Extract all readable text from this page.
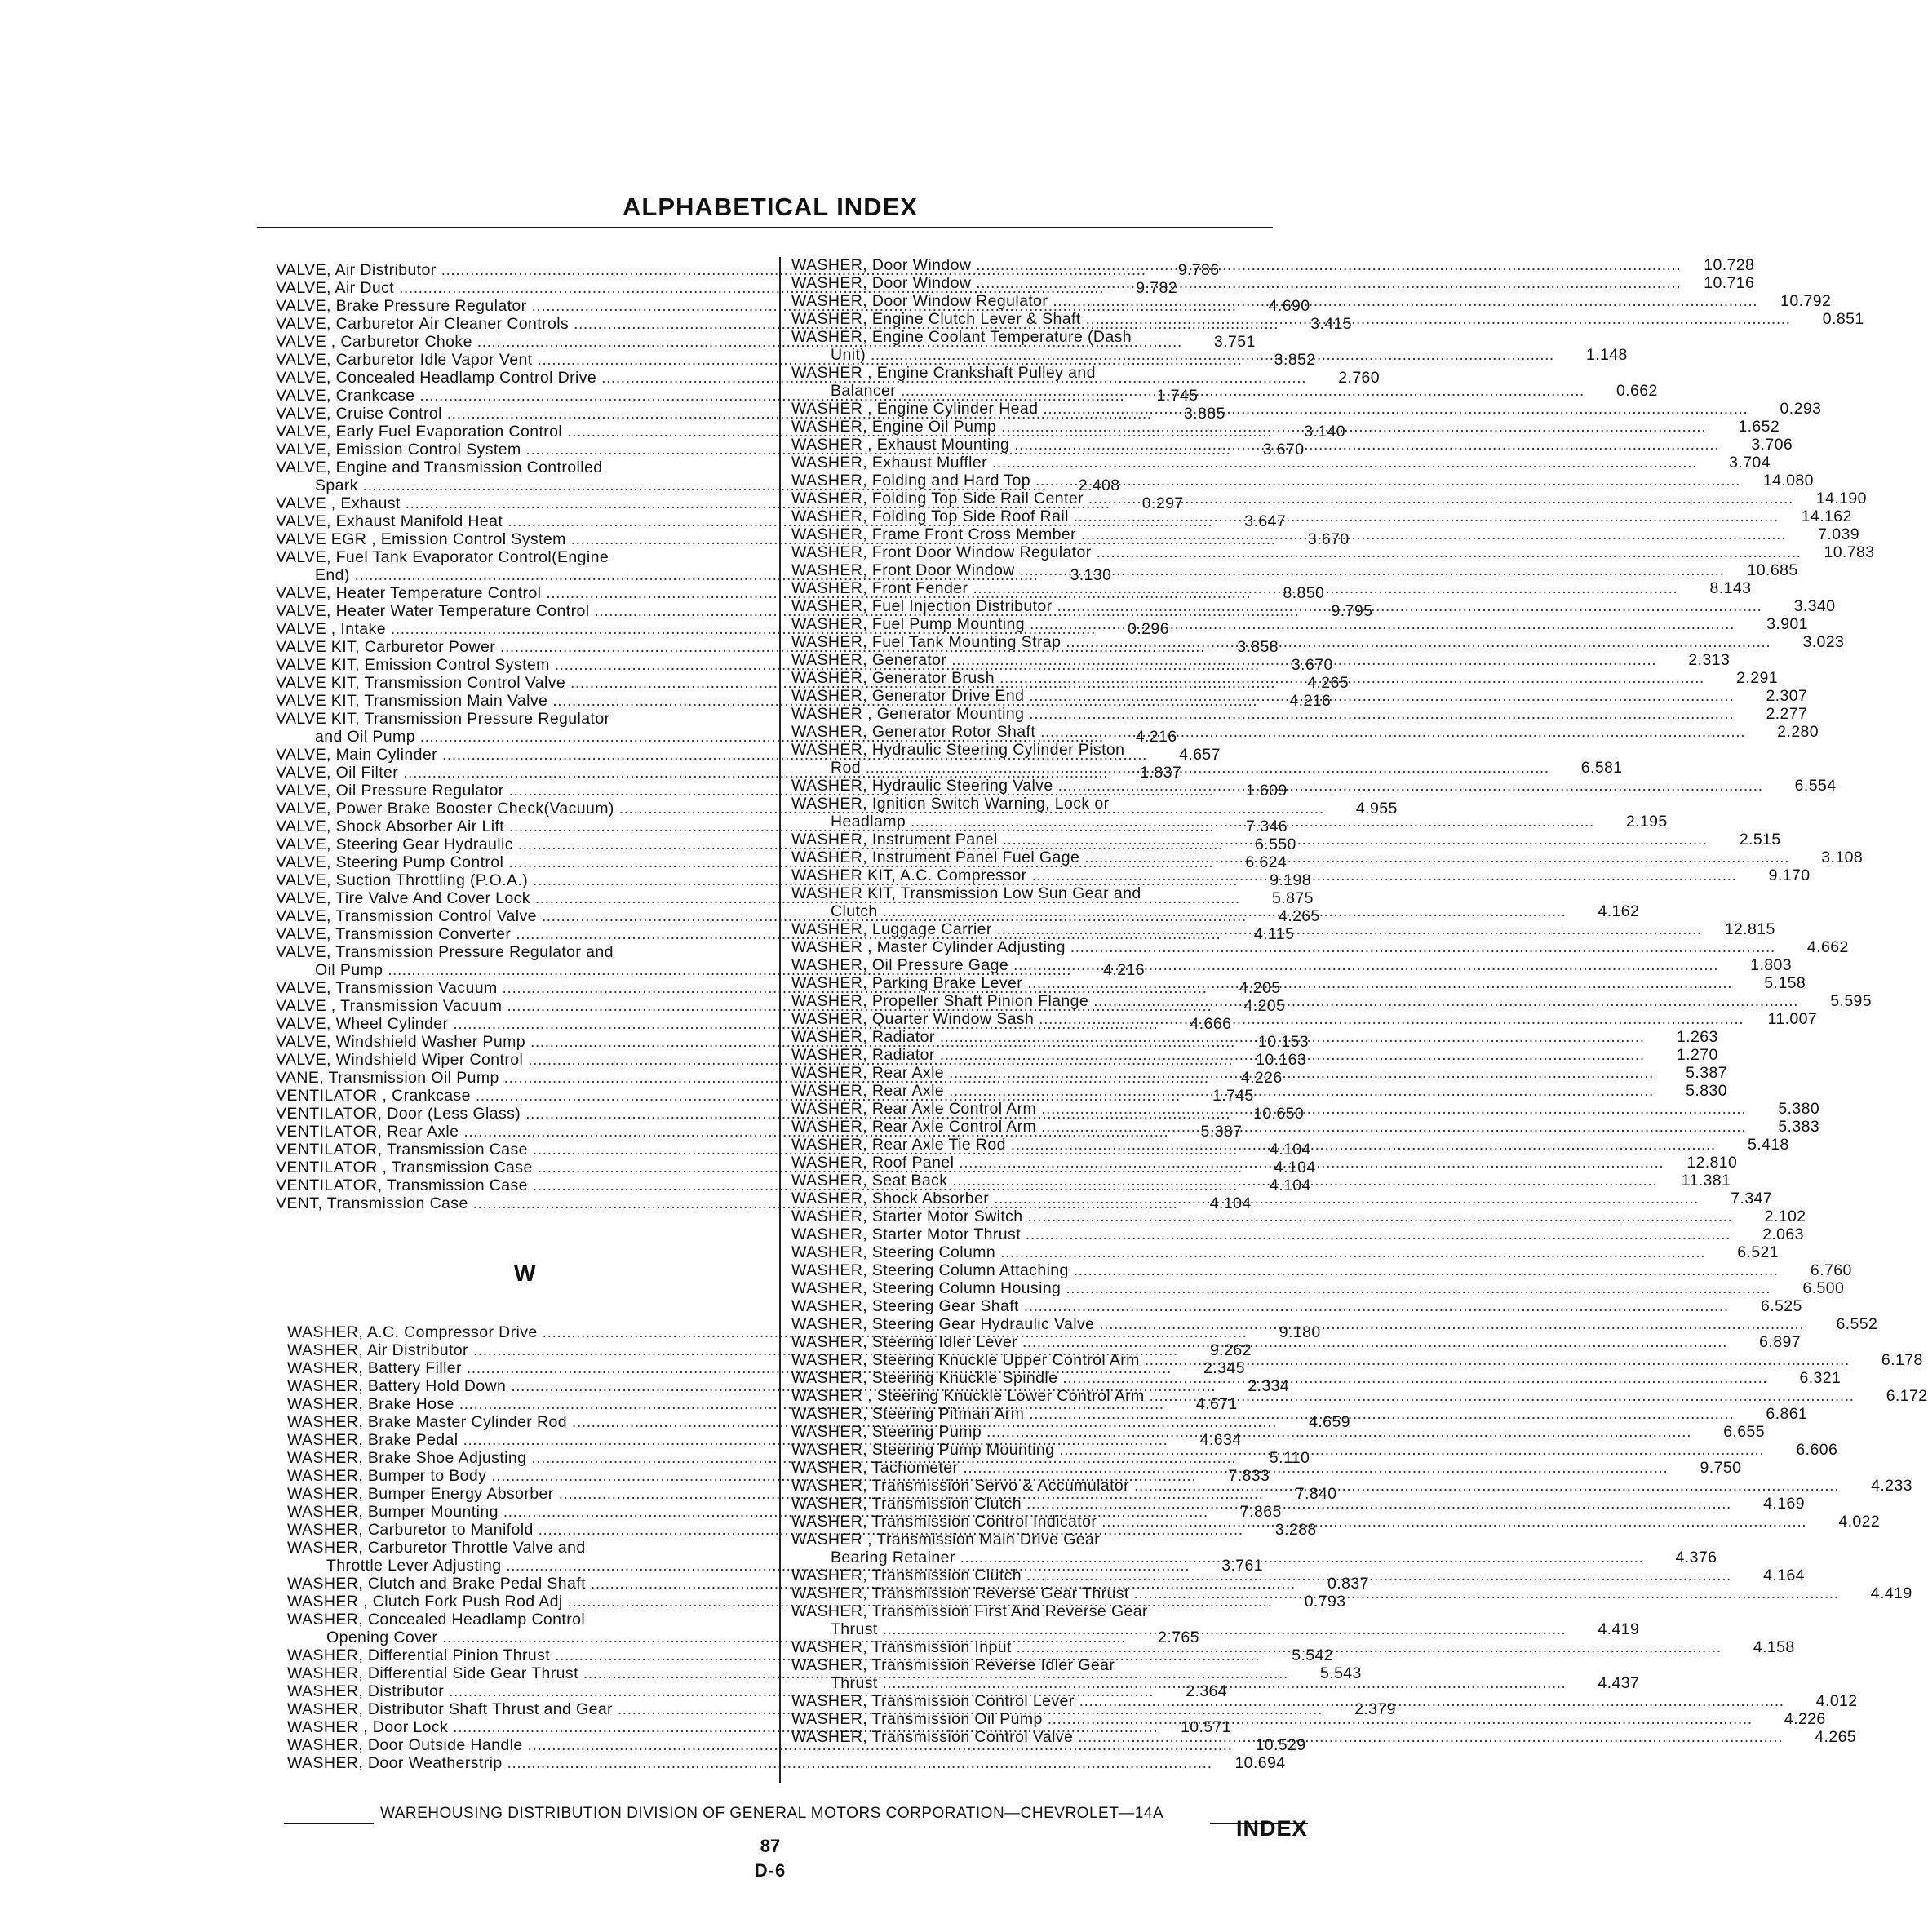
ALPHABETICAL INDEX
VALVE, Air Distributor .....	9.786
VALVE, Air Duct .....	9.782
VALVE, Brake Pressure Regulator .....	4.690
VALVE, Carburetor Air Cleaner Controls .....	3.415
VALVE , Carburetor Choke .....	3.751
VALVE, Carburetor Idle Vapor Vent .....	3.852
VALVE, Concealed Headlamp Control Drive .....	2.760
VALVE, Crankcase .....	1.745
VALVE, Cruise Control .....	3.885
VALVE, Early Fuel Evaporation Control .....	3.140
VALVE, Emission Control System .....	3.670
VALVE, Engine and Transmission Controlled
Spark .....	2.408
VALVE , Exhaust .....	0.297
VALVE, Exhaust Manifold Heat .....	3.647
VALVE EGR , Emission Control System .....	3.670
VALVE, Fuel Tank Evaporator Control(Engine
End) .....	3.130
VALVE, Heater Temperature Control .....	8.850
VALVE, Heater Water Temperature Control .....	9.795
VALVE , Intake .....	0.296
VALVE KIT, Carburetor Power .....	3.858
VALVE KIT, Emission Control System .....	3.670
VALVE KIT, Transmission Control Valve .....	4.265
VALVE KIT, Transmission Main Valve .....	4.216
VALVE KIT, Transmission Pressure Regulator
and Oil Pump .....	4.216
VALVE, Main Cylinder .....	4.657
VALVE, Oil Filter .....	1.837
VALVE, Oil Pressure Regulator .....	1.609
VALVE, Power Brake Booster Check(Vacuum) .....	4.955
VALVE, Shock Absorber Air Lift .....	7.346
VALVE, Steering Gear Hydraulic .....	6.550
VALVE, Steering Pump Control .....	6.624
VALVE, Suction Throttling (P.O.A.) .....	9.198
VALVE, Tire Valve And Cover Lock .....	5.875
VALVE, Transmission Control Valve .....	4.265
VALVE, Transmission Converter .....	4.115
VALVE, Transmission Pressure Regulator and
Oil Pump .....	4.216
VALVE, Transmission Vacuum .....	4.205
VALVE , Transmission Vacuum .....	4.205
VALVE, Wheel Cylinder .....	4.666
VALVE, Windshield Washer Pump .....	10.153
VALVE, Windshield Wiper Control .....	10.163
VANE, Transmission Oil Pump .....	4.226
VENTILATOR , Crankcase .....	1.745
VENTILATOR, Door (Less Glass) .....	10.650
VENTILATOR, Rear Axle .....	5.387
VENTILATOR, Transmission Case .....	4.104
VENTILATOR , Transmission Case .....	4.104
VENTILATOR, Transmission Case .....	4.104
VENT, Transmission Case .....	4.104
W
WASHER, A.C. Compressor Drive .....	9.180
WASHER, Air Distributor .....	9.262
WASHER, Battery Filler .....	2.345
WASHER, Battery Hold Down .....	2.334
WASHER, Brake Hose .....	4.671
WASHER, Brake Master Cylinder Rod .....	4.659
WASHER, Brake Pedal .....	4.634
WASHER, Brake Shoe Adjusting .....	5.110
WASHER, Bumper to Body .....	7.833
WASHER, Bumper Energy Absorber .....	7.840
WASHER, Bumper Mounting .....	7.865
WASHER, Carburetor to Manifold .....	3.288
WASHER, Carburetor Throttle Valve and
Throttle Lever Adjusting .....	3.761
WASHER, Clutch and Brake Pedal Shaft .....	0.837
WASHER , Clutch Fork Push Rod Adj .....	0.793
WASHER, Concealed Headlamp Control
Opening Cover .....	2.765
WASHER, Differential Pinion Thrust .....	5.542
WASHER, Differential Side Gear Thrust .....	5.543
WASHER, Distributor .....	2.364
WASHER, Distributor Shaft Thrust and Gear .....	2.379
WASHER , Door Lock .....	10.571
WASHER, Door Outside Handle .....	10.529
WASHER, Door Weatherstrip .....	10.694
WASHER, Door Window .....	10.728
WASHER, Door Window .....	10.716
WASHER, Door Window Regulator .....	10.792
WASHER, Engine Clutch Lever & Shaft .....	0.851
WASHER, Engine Coolant Temperature (Dash
Unit) .....	1.148
WASHER , Engine Crankshaft Pulley and
Balancer .....	0.662
WASHER , Engine Cylinder Head .....	0.293
WASHER, Engine Oil Pump .....	1.652
WASHER , Exhaust Mounting .....	3.706
WASHER, Exhaust Muffler .....	3.704
WASHER, Folding and Hard Top .....	14.080
WASHER, Folding Top Side Rail Center .....	14.190
WASHER, Folding Top Side Roof Rail .....	14.162
WASHER, Frame Front Cross Member .....	7.039
WASHER, Front Door Window Regulator .....	10.783
WASHER, Front Door Window .....	10.685
WASHER, Front Fender .....	8.143
WASHER, Fuel Injection Distributor .....	3.340
WASHER, Fuel Pump Mounting .....	3.901
WASHER, Fuel Tank Mounting Strap .....	3.023
WASHER, Generator .....	2.313
WASHER, Generator Brush .....	2.291
WASHER, Generator Drive End .....	2.307
WASHER , Generator Mounting .....	2.277
WASHER, Generator Rotor Shaft .....	2.280
WASHER, Hydraulic Steering Cylinder Piston
Rod .....	6.581
WASHER, Hydraulic Steering Valve .....	6.554
WASHER, Ignition Switch Warning, Lock or
Headlamp .....	2.195
WASHER, Instrument Panel .....	2.515
WASHER, Instrument Panel Fuel Gage .....	3.108
WASHER KIT, A.C. Compressor .....	9.170
WASHER KIT, Transmission Low Sun Gear and
Clutch .....	4.162
WASHER, Luggage Carrier .....	12.815
WASHER , Master Cylinder Adjusting .....	4.662
WASHER, Oil Pressure Gage .....	1.803
WASHER, Parking Brake Lever .....	5.158
WASHER, Propeller Shaft Pinion Flange .....	5.595
WASHER, Quarter Window Sash .....	11.007
WASHER, Radiator .....	1.263
WASHER, Radiator .....	1.270
WASHER, Rear Axle .....	5.387
WASHER, Rear Axle .....	5.830
WASHER, Rear Axle Control Arm .....	5.380
WASHER, Rear Axle Control Arm .....	5.383
WASHER, Rear Axle Tie Rod .....	5.418
WASHER, Roof Panel .....	12.810
WASHER, Seat Back .....	11.381
WASHER, Shock Absorber .....	7.347
WASHER, Starter Motor Switch .....	2.102
WASHER, Starter Motor Thrust .....	2.063
WASHER, Steering Column .....	6.521
WASHER, Steering Column Attaching .....	6.760
WASHER, Steering Column Housing .....	6.500
WASHER, Steering Gear Shaft .....	6.525
WASHER, Steering Gear Hydraulic Valve .....	6.552
WASHER, Steering Idler Lever .....	6.897
WASHER, Steering Knuckle Upper Control Arm .....	6.178
WASHER, Steering Knuckle Spindle .....	6.321
WASHER , Steering Knuckle Lower Control Arm .....	6.172
WASHER, Steering Pitman Arm .....	6.861
WASHER, Steering Pump .....	6.655
WASHER, Steering Pump Mounting .....	6.606
WASHER, Tachometer .....	9.750
WASHER, Transmission Servo & Accumulator .....	4.233
WASHER, Transmission Clutch .....	4.169
WASHER, Transmission Control Indicator .....	4.022
WASHER , Transmission Main Drive Gear
Bearing Retainer .....	4.376
WASHER, Transmission Clutch .....	4.164
WASHER, Transmission Reverse Gear Thrust .....	4.419
WASHER, Transmission First And Reverse Gear
Thrust .....	4.419
WASHER, Transmission Input .....	4.158
WASHER, Transmission Reverse Idler Gear
Thrust .....	4.437
WASHER, Transmission Control Lever .....	4.012
WASHER, Transmission Oil Pump .....	4.226
WASHER, Transmission Control Valve .....	4.265
WAREHOUSING DISTRIBUTION DIVISION OF GENERAL MOTORS CORPORATION—CHEVROLET—14A
INDEX
87
D-6
